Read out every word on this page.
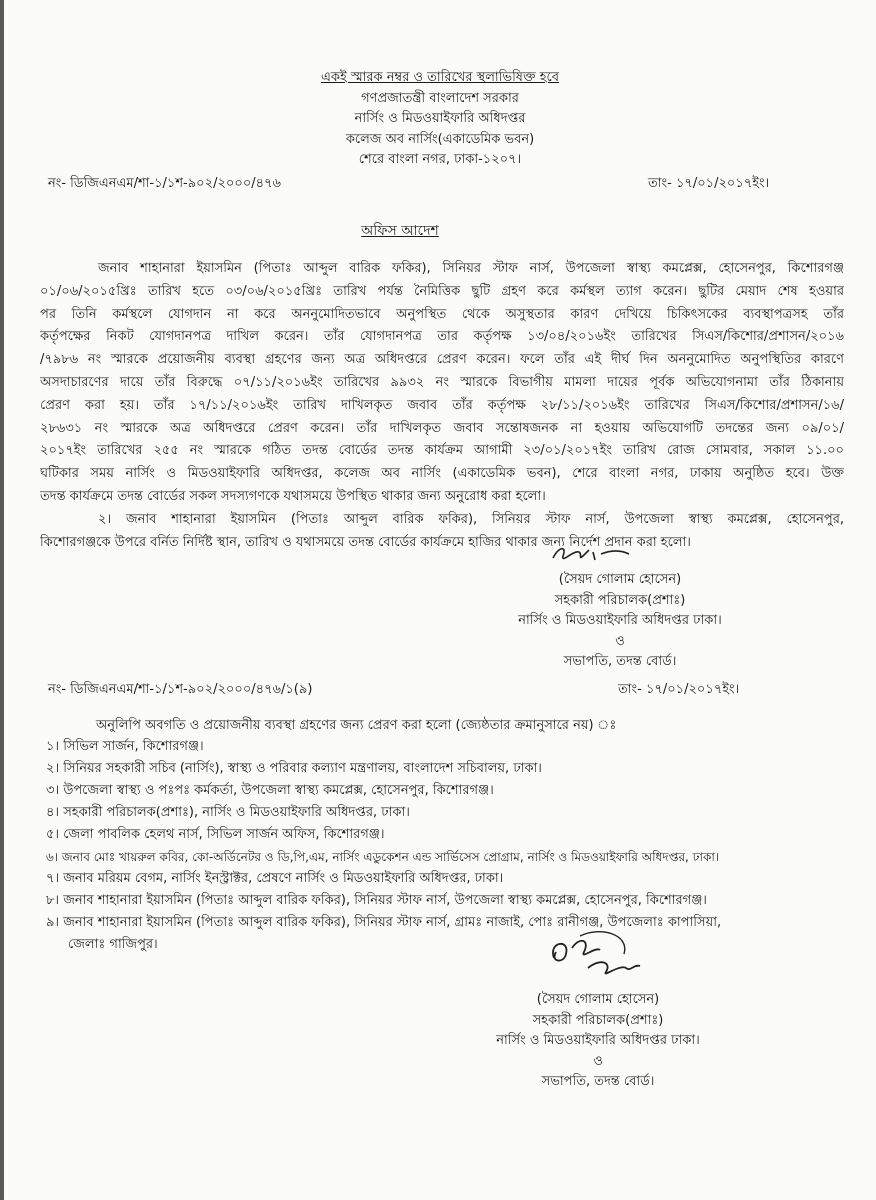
একই স্মারক নম্বর ও তারিখের স্থলাভিষিক্ত হবে
গণপ্রজাতন্ত্রী বাংলাদেশ সরকার
নার্সিং ও মিডওয়াইফারি অধিদপ্তর
কলেজ অব নার্সিং(একাডেমিক ভবন)
শেরে বাংলা নগর, ঢাকা-১২০৭।
নং- ডিজিএনএম/শা-১/১শ-৯০২/২০০০/৪৭৬	তাং- ১৭/০১/২০১৭ইং।
অফিস আদেশ
জনাব শাহানারা ইয়াসমিন (পিতাঃ আব্দুল বারিক ফকির), সিনিয়র স্টাফ নার্স, উপজেলা স্বাস্থ্য কমপ্লেক্স, হোসেনপুর, কিশোরগঞ্জ
০১/০৬/২০১৫খ্রিঃ তারিখ হতে ০৩/০৬/২০১৫খ্রিঃ তারিখ পর্যন্ত নৈমিত্তিক ছুটি গ্রহণ করে কর্মস্থল ত্যাগ করেন। ছুটির মেয়াদ শেষ হওয়ার
পর তিনি কর্মস্থলে যোগদান না করে অননুমোদিতভাবে অনুপস্থিত থেকে অসুস্থতার কারণ দেখিয়ে চিকিৎসকের ব্যবস্থাপত্রসহ তাঁর
কর্তৃপক্ষের নিকট যোগদানপত্র দাখিল করেন। তাঁর যোগদানপত্র তার কর্তৃপক্ষ ১৩/০৪/২০১৬ইং তারিখের সিএস/কিশোর/প্রশাসন/২০১৬
/৭৯৮৬ নং স্মারকে প্রয়োজনীয় ব্যবস্থা গ্রহণের জন্য অত্র অধিদপ্তরে প্রেরণ করেন। ফলে তাঁর এই দীর্ঘ দিন অননুমোদিত অনুপস্থিতির কারণে
অসদাচারণের দায়ে তাঁর বিরুদ্ধে ০৭/১১/২০১৬ইং তারিখের ৯৯৩২ নং স্মারকে বিভাগীয় মামলা দায়ের পূর্বক অভিযোগনামা তাঁর ঠিকানায়
প্রেরণ করা হয়। তাঁর ১৭/১১/২০১৬ইং তারিখ দাখিলকৃত জবাব তাঁর কর্তৃপক্ষ ২৮/১১/২০১৬ইং তারিখের সিএস/কিশোর/প্রশাসন/১৬/
২৮৬৩১ নং স্মারকে অত্র অধিদপ্তরে প্রেরণ করেন। তাঁর দাখিলকৃত জবাব সন্তোষজনক না হওয়ায় অভিযোগটি তদন্তের জন্য ০৯/০১/
২০১৭ইং তারিখের ২৫৫ নং স্মারকে গঠিত তদন্ত বোর্ডের তদন্ত কার্যক্রম আগামী ২৩/০১/২০১৭ইং তারিখ রোজ সোমবার, সকাল ১১.০০
ঘটিকার সময় নার্সিং ও মিডওয়াইফারি অধিদপ্তর, কলেজ অব নার্সিং (একাডেমিক ভবন), শেরে বাংলা নগর, ঢাকায় অনুষ্ঠিত হবে। উক্ত
তদন্ত কার্যক্রমে তদন্ত বোর্ডের সকল সদস্যগণকে যথাসময়ে উপস্থিত থাকার জন্য অনুরোধ করা হলো।
২। জনাব শাহানারা ইয়াসমিন (পিতাঃ আব্দুল বারিক ফকির), সিনিয়র স্টাফ নার্স, উপজেলা স্বাস্থ্য কমপ্লেক্স, হোসেনপুর,
কিশোরগঞ্জকে উপরে বর্নিত নির্দিষ্ট স্থান, তারিখ ও যথাসময়ে তদন্ত বোর্ডের কার্যক্রমে হাজির থাকার জন্য নির্দেশ প্রদান করা হলো।
(সৈয়দ গোলাম হোসেন)
সহকারী পরিচালক(প্রশাঃ)
নার্সিং ও মিডওয়াইফারি অধিদপ্তর ঢাকা।
ও
সভাপতি, তদন্ত বোর্ড।
নং- ডিজিএনএম/শা-১/১শ-৯০২/২০০০/৪৭৬/১(৯)	তাং- ১৭/০১/২০১৭ইং।
অনুলিপি অবগতি ও প্রয়োজনীয় ব্যবস্থা গ্রহণের জন্য প্রেরণ করা হলো (জ্যেষ্ঠতার ক্রমানুসারে নয়) ঃ
১। সিভিল সার্জন, কিশোরগঞ্জ।
২। সিনিয়র সহকারী সচিব (নার্সিং), স্বাস্থ্য ও পরিবার কল্যাণ মন্ত্রণালয়, বাংলাদেশ সচিবালয়, ঢাকা।
৩। উপজেলা স্বাস্থ্য ও পঃপঃ কর্মকর্তা, উপজেলা স্বাস্থ্য কমপ্লেক্স, হোসেনপুর, কিশোরগঞ্জ।
৪। সহকারী পরিচালক(প্রশাঃ), নার্সিং ও মিডওয়াইফারি অধিদপ্তর, ঢাকা।
৫। জেলা পাবলিক হেলথ নার্স, সিভিল সার্জন অফিস, কিশোরগঞ্জ।
৬। জনাব মোঃ খায়রুল কবির, কো-অর্ডিনেটর ও ডি,পি,এম, নার্সিং এডুকেশন এন্ড সার্ভিসেস প্রোগ্রাম, নার্সিং ও মিডওয়াইফারি অধিদপ্তর, ঢাকা।
৭। জনাব মরিয়ম বেগম, নার্সিং ইনস্ট্রাক্টর, প্রেষণে নার্সিং ও মিডওয়াইফারি অধিদপ্তর, ঢাকা।
৮। জনাব শাহানারা ইয়াসমিন (পিতাঃ আব্দুল বারিক ফকির), সিনিয়র স্টাফ নার্স, উপজেলা স্বাস্থ্য কমপ্লেক্স, হোসেনপুর, কিশোরগঞ্জ।
৯। জনাব শাহানারা ইয়াসমিন (পিতাঃ আব্দুল বারিক ফকির), সিনিয়র স্টাফ নার্স, গ্রামঃ নাজাই, পোঃ রানীগঞ্জ, উপজেলাঃ কাপাসিয়া,
জেলাঃ গাজিপুর।
(সৈয়দ গোলাম হোসেন)
সহকারী পরিচালক(প্রশাঃ)
নার্সিং ও মিডওয়াইফারি অধিদপ্তর ঢাকা।
ও
সভাপতি, তদন্ত বোর্ড।
